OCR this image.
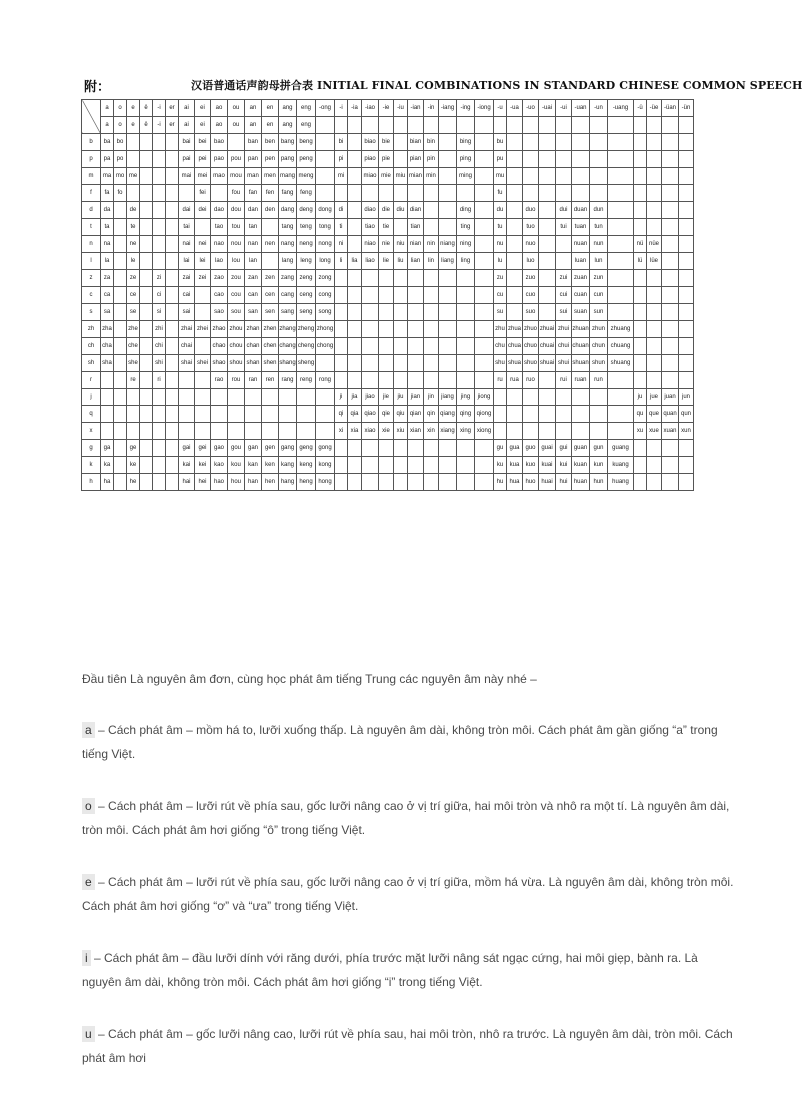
附：	汉语普通话声韵母拼合表 INITIAL FINAL COMBINATIONS IN STANDARD CHINESE COMMON SPEECH
	a	o	e	ê	-i	er	ai	ei	ao	ou	an	en	ang	eng	-ong	-i	-ia	-iao	-ie	-iu	-ian	-in	-iang	-ing	-iong	-u	-ua	-uo	-uai	-ui	-uan	-un	-uang	-ü	-üe	-üan	-ün
	a	o	e	ê	-i	er	ai	ei	ao	ou	an	en	ang	eng																							
b	ba	bo					bai	bei	bao		ban	ben	bang	beng		bi		biao	bie		bian	bin		bing		bu											
p	pa	po					pai	pei	pao	pou	pan	pen	pang	peng		pi		piao	pie		pian	pin		ping		pu											
m	ma	mo	me				mai	mei	mao	mou	man	men	mang	meng		mi		miao	mie	miu	mian	min		ming		mu											
f	fa	fo						fei		fou	fan	fen	fang	feng												fu											
d	da		de				dai	dei	dao	dou	dan	den	dang	deng	dong	di		diao	die	diu	dian			ding		du		duo		dui	duan	dun					
t	ta		te				tai		tao	tou	tan		tang	teng	tong	ti		tiao	tie		tian			ting		tu		tuo		tui	tuan	tun					
n	na		ne				nai	nei	nao	nou	nan	nen	nang	neng	nong	ni		niao	nie	niu	nian	nin	niang	ning		nu		nuo			nuan	nun		nü	nüe		
l	la		le				lai	lei	lao	lou	lan		lang	leng	long	li	lia	liao	lie	liu	lian	lin	liang	ling		lu		luo			luan	lun		lü	lüe		
z	za		ze		zi		zai	zei	zao	zou	zan	zen	zang	zeng	zong											zu		zuo		zui	zuan	zun					
c	ca		ce		ci		cai		cao	cou	can	cen	cang	ceng	cong											cu		cuo		cui	cuan	cun					
s	sa		se		si		sai		sao	sou	san	sen	sang	seng	song											su		suo		sui	suan	sun					
zh	zha		zhe		zhi		zhai	zhei	zhao	zhou	zhan	zhen	zhang	zheng	zhong											zhu	zhua	zhuo	zhuai	zhui	zhuan	zhun	zhuang				
ch	cha		che		chi		chai		chao	chou	chan	chen	chang	cheng	chong											chu	chua	chuo	chuai	chui	chuan	chun	chuang				
sh	sha		she		shi		shai	shei	shao	shou	shan	shen	shang	sheng												shu	shua	shuo	shuai	shui	shuan	shun	shuang				
r			re		ri				rao	rou	ran	ren	rang	reng	rong											ru	rua	ruo		rui	ruan	run					
j																ji	jia	jiao	jie	jiu	jian	jin	jiang	jing	jiong									ju	jue	juan	jun
q																qi	qia	qiao	qie	qiu	qian	qin	qiang	qing	qiong									qu	que	quan	qun
x																xi	xia	xiao	xie	xiu	xian	xin	xiang	xing	xiong									xu	xue	xuan	xun
g	ga		ge				gai	gei	gao	gou	gan	gen	gang	geng	gong											gu	gua	guo	guai	gui	guan	gun	guang				
k	ka		ke				kai	kei	kao	kou	kan	ken	kang	keng	kong											ku	kua	kuo	kuai	kui	kuan	kun	kuang				
h	ha		he				hai	hei	hao	hou	han	hen	hang	heng	hong											hu	hua	huo	huai	hui	huan	hun	huang				

Đầu tiên Là nguyên âm đơn, cùng học phát âm tiếng Trung các nguyên âm này nhé –

a – Cách phát âm – mồm há to, lưỡi xuống thấp. Là nguyên âm dài, không tròn môi. Cách phát âm gần giống “a” trong tiếng Việt.

o – Cách phát âm – lưỡi rút về phía sau, gốc lưỡi nâng cao ở vị trí giữa, hai môi tròn và nhô ra một tí. Là nguyên âm dài, tròn môi. Cách phát âm hơi giống “ô” trong tiếng Việt.

e – Cách phát âm – lưỡi rút về phía sau, gốc lưỡi nâng cao ở vị trí giữa, mồm há vừa. Là nguyên âm dài, không tròn môi. Cách phát âm hơi giống “ơ” và “ưa” trong tiếng Việt.

i – Cách phát âm – đầu lưỡi dính với răng dưới, phía trước mặt lưỡi nâng sát ngạc cứng, hai môi giẹp, bành ra. Là nguyên âm dài, không tròn môi. Cách phát âm hơi giống “i” trong tiếng Việt.

u – Cách phát âm – gốc lưỡi nâng cao, lưỡi rút về phía sau, hai môi tròn, nhô ra trước. Là nguyên âm dài, tròn môi. Cách phát âm hơi
